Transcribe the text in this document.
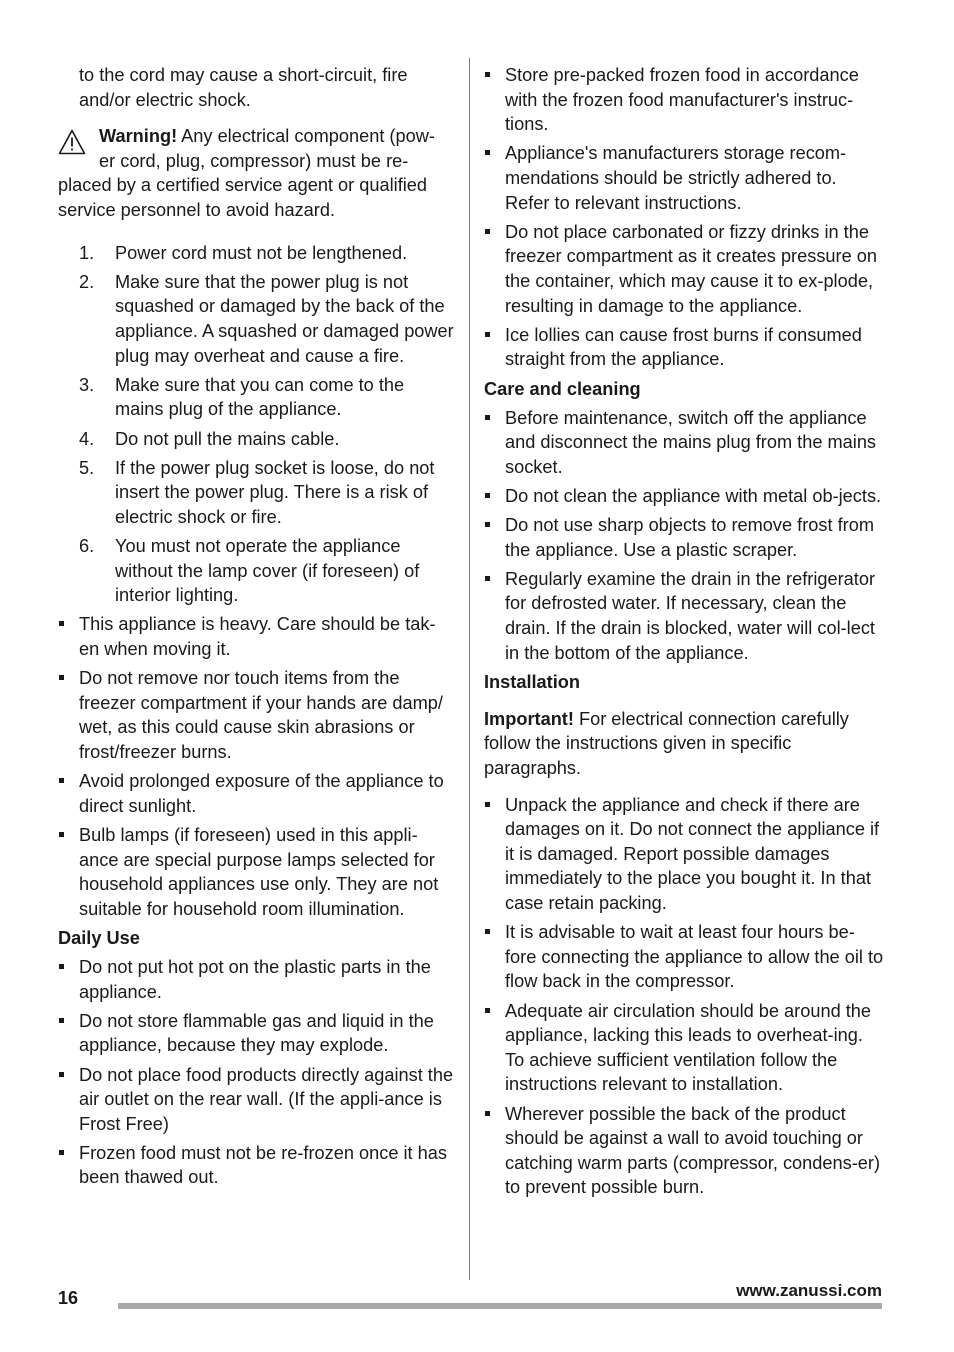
to the cord may cause a short-circuit, fire and/or electric shock.

Warning! Any electrical component (pow-

er cord, plug, compressor) must be re-

placed by a certified service agent or qualified service personnel to avoid hazard.

1. Power cord must not be lengthened.
2. Make sure that the power plug is not squashed or damaged by the back of the appliance. A squashed or damaged power plug may overheat and cause a fire.
3. Make sure that you can come to the mains plug of the appliance.
4. Do not pull the mains cable.
5. If the power plug socket is loose, do not insert the power plug. There is a risk of electric shock or fire.
6. You must not operate the appliance without the lamp cover (if foreseen) of interior lighting.
This appliance is heavy. Care should be tak-en when moving it.
Do not remove nor touch items from the freezer compartment if your hands are damp/ wet, as this could cause skin abrasions or frost/freezer burns.
Avoid prolonged exposure of the appliance to direct sunlight.
Bulb lamps (if foreseen) used in this appli-ance are special purpose lamps selected for household appliances use only. They are not suitable for household room illumination.
Daily Use
Do not put hot pot on the plastic parts in the appliance.
Do not store flammable gas and liquid in the appliance, because they may explode.
Do not place food products directly against the air outlet on the rear wall. (If the appli-ance is Frost Free)
Frozen food must not be re-frozen once it has been thawed out.
Store pre-packed frozen food in accordance with the frozen food manufacturer's instruc-tions.
Appliance's manufacturers storage recom-mendations should be strictly adhered to. Refer to relevant instructions.
Do not place carbonated or fizzy drinks in the freezer compartment as it creates pressure on the container, which may cause it to ex-plode, resulting in damage to the appliance.
Ice lollies can cause frost burns if consumed straight from the appliance.
Care and cleaning
Before maintenance, switch off the appliance and disconnect the mains plug from the mains socket.
Do not clean the appliance with metal ob-jects.
Do not use sharp objects to remove frost from the appliance. Use a plastic scraper.
Regularly examine the drain in the refrigerator for defrosted water. If necessary, clean the drain. If the drain is blocked, water will col-lect in the bottom of the appliance.
Installation

Important! For electrical connection carefully follow the instructions given in specific paragraphs.

Unpack the appliance and check if there are damages on it. Do not connect the appliance if it is damaged. Report possible damages immediately to the place you bought it. In that case retain packing.
It is advisable to wait at least four hours be-fore connecting the appliance to allow the oil to flow back in the compressor.
Adequate air circulation should be around the appliance, lacking this leads to overheat-ing. To achieve sufficient ventilation follow the instructions relevant to installation.
Wherever possible the back of the product should be against a wall to avoid touching or catching warm parts (compressor, condens-er) to prevent possible burn.
16	www.zanussi.com
